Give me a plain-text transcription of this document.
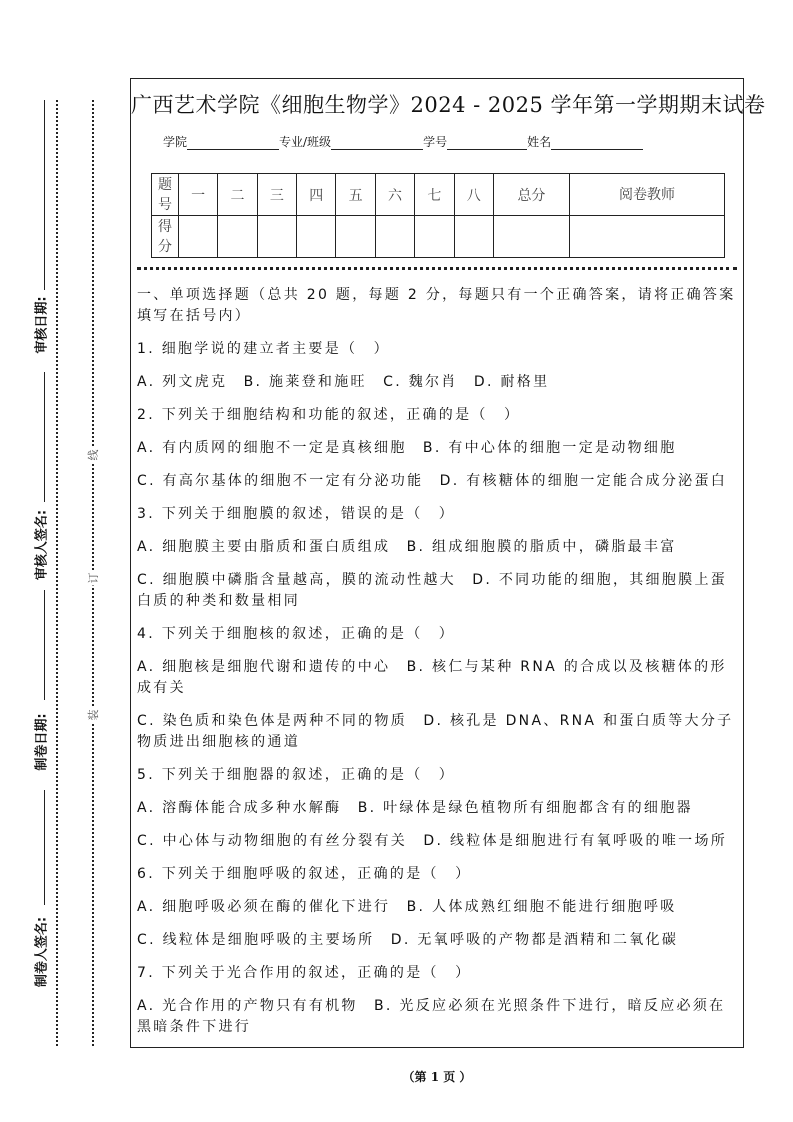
审核日期:
审核人签名:
制卷日期:
制卷人签名:
线
订
装
广西艺术学院《细胞生物学》2024 - 2025 学年第一学期期末试卷
学院	专业/班级	学号	姓名
题号	一	二	三	四	五	六	七	八	总分	阅卷教师
得分										

一、单项选择题（总共 20 题，每题 2 分，每题只有一个正确答案，请将正确答案填写在括号内）

1. 细胞学说的建立者主要是（　）

A. 列文虎克　B. 施莱登和施旺　C. 魏尔肖　D. 耐格里

2. 下列关于细胞结构和功能的叙述，正确的是（　）

A. 有内质网的细胞不一定是真核细胞　B. 有中心体的细胞一定是动物细胞

C. 有高尔基体的细胞不一定有分泌功能　D. 有核糖体的细胞一定能合成分泌蛋白

3. 下列关于细胞膜的叙述，错误的是（　）

A. 细胞膜主要由脂质和蛋白质组成　B. 组成细胞膜的脂质中，磷脂最丰富

C. 细胞膜中磷脂含量越高，膜的流动性越大　D. 不同功能的细胞，其细胞膜上蛋白质的种类和数量相同

4. 下列关于细胞核的叙述，正确的是（　）

A. 细胞核是细胞代谢和遗传的中心　B. 核仁与某种 RNA 的合成以及核糖体的形成有关

C. 染色质和染色体是两种不同的物质　D. 核孔是 DNA、RNA 和蛋白质等大分子物质进出细胞核的通道

5. 下列关于细胞器的叙述，正确的是（　）

A. 溶酶体能合成多种水解酶　B. 叶绿体是绿色植物所有细胞都含有的细胞器

C. 中心体与动物细胞的有丝分裂有关　D. 线粒体是细胞进行有氧呼吸的唯一场所

6. 下列关于细胞呼吸的叙述，正确的是（　）

A. 细胞呼吸必须在酶的催化下进行　B. 人体成熟红细胞不能进行细胞呼吸

C. 线粒体是细胞呼吸的主要场所　D. 无氧呼吸的产物都是酒精和二氧化碳

7. 下列关于光合作用的叙述，正确的是（　）

A. 光合作用的产物只有有机物　B. 光反应必须在光照条件下进行，暗反应必须在黑暗条件下进行

（第 1 页 ）
